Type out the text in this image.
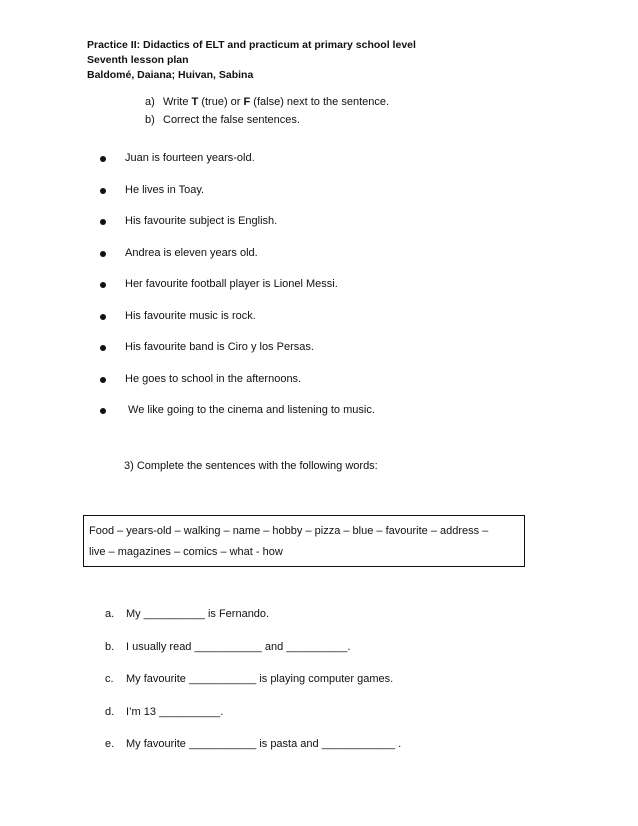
Practice II: Didactics of ELT and practicum at primary school level
Seventh lesson plan
Baldomé, Daiana; Huivan, Sabina
a) Write T (true) or F (false) next to the sentence.
b) Correct the false sentences.
Juan is fourteen years-old.
He lives in Toay.
His favourite subject is English.
Andrea is eleven years old.
Her favourite football player is Lionel Messi.
His favourite music is rock.
His favourite band is Ciro y los Persas.
He goes to school in the afternoons.
We like going to the cinema and listening to music.
3) Complete the sentences with the following words:
Food – years-old – walking – name – hobby – pizza – blue – favourite – address –
live – magazines – comics – what - how
a. My __________ is Fernando.
b. I usually read ___________ and __________.
c. My favourite ___________ is playing computer games.
d. I’m 13 __________.
e. My favourite ___________ is pasta and ____________ .
